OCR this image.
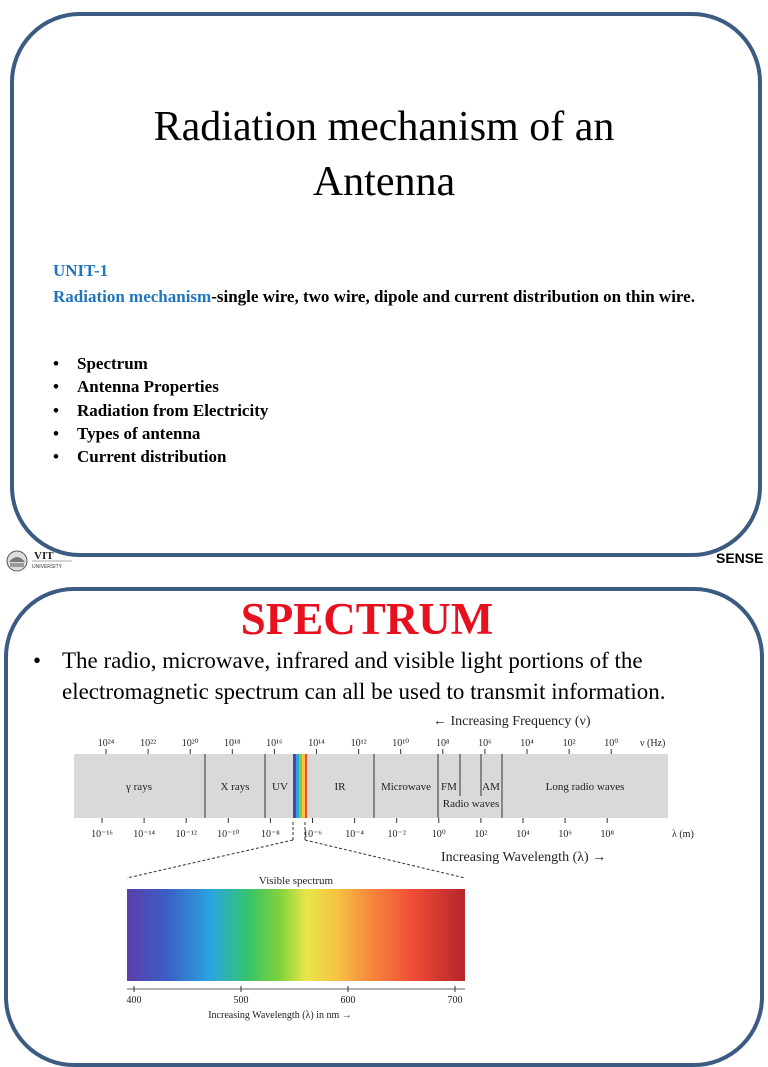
Radiation mechanism of an Antenna
UNIT-1
Radiation mechanism-single wire, two wire, dipole and current distribution on thin wire.
• Spectrum
• Antenna Properties
• Radiation from Electricity
• Types of antenna
• Current distribution
VIT
UNIVERSITY
SENSE
SPECTRUM
• The radio, microwave, infrared and visible light portions of the electromagnetic spectrum can all be used to transmit information.
← Increasing Frequency (ν)
10²⁴	10²²	10²⁰	10¹⁸	10¹⁶	10¹⁴	10¹²	10¹⁰	10⁸	10⁶	10⁴	10²	10⁰ ν (Hz)
γ rays	X rays UV	IR	Microwave FM AM	Long radio waves
Radio waves
10⁻¹⁶ 10⁻¹⁴ 10⁻¹² 10⁻¹⁰ 10⁻⁸ 10⁻⁶ 10⁻⁴ 10⁻²	10⁰	10²	10⁴	10⁶	10⁸	λ (m)
Increasing Wavelength (λ) →
Visible spectrum
400	500	600	700
Increasing Wavelength (λ) in nm →
